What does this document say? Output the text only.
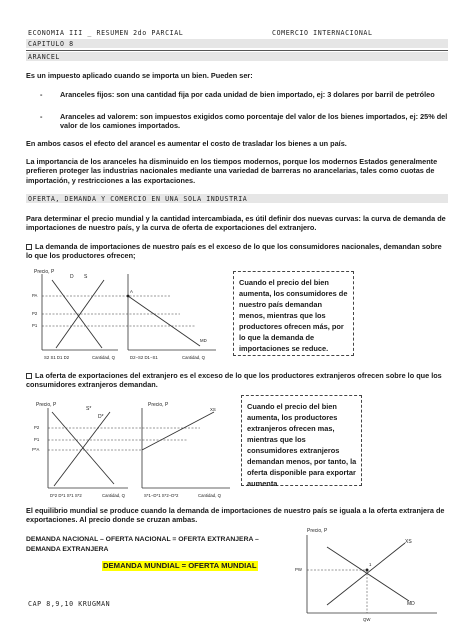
ECONOMIA III _ RESUMEN 2do PARCIAL	COMERCIO INTERNACIONAL
CAPITULO 8
ARANCEL
Es un impuesto aplicado cuando se importa un bien. Pueden ser:
- Aranceles fijos: son una cantidad fija por cada unidad de bien importado, ej: 3 dolares por barril de petróleo
- Aranceles ad valorem: son impuestos exigidos como porcentaje del valor de los bienes importados, ej: 25% del valor de los camiones importados.
En ambos casos el efecto del arancel es aumentar el costo de trasladar los bienes a un país.
La importancia de los aranceles ha disminuido en los tiempos modernos, porque los modernos Estados generalmente prefieren proteger las industrias nacionales mediante una variedad de barreras no arancelarias, tales como cuotas de importación, y restricciones a las exportaciones.
OFERTA, DEMANDA Y COMERCIO EN UNA SOLA INDUSTRIA
Para determinar el precio mundial y la cantidad intercambiada, es útil definir dos nuevas curvas: la curva de demanda de importaciones de nuestro país, y la curva de oferta de exportaciones del extranjero.
La demanda de importaciones de nuestro país es el exceso de lo que los consumidores nacionales, demandan sobre lo que los productores ofrecen;
Precio, P
S
D
PA
P2
P1
S2 S1 D1 D2	Cantidad, Q
A
MD
D2−S2 D1−S1	Cantidad, Q
Cuando el precio del bien aumenta, los consumidores de nuestro país demandan menos, mientras que los productores ofrecen más, por lo que la demanda de importaciones se reduce.
La oferta de exportaciones del extranjero es el exceso de lo que los productores extranjeros ofrecen sobre lo que los consumidores extranjeros demandan.
Precio, P
S*
D*
P2
P1
P*A
D*2 D*1 S*1 S*2	Cantidad, Q
Precio, P
XS
S*1−D*1 S*2−D*2	Cantidad, Q
Cuando el precio del bien aumenta, los productores extranjeros ofrecen mas, mientras que los consumidores extranjeros demandan menos, por tanto, la oferta disponible para exportar aumenta
El equilibrio mundial se produce cuando la demanda de importaciones de nuestro país se iguala a la oferta extranjera de exportaciones. Al precio donde se cruzan ambas.
DEMANDA NACIONAL – OFERTA NACIONAL = OFERTA EXTRANJERA –
DEMANDA EXTRANJERA
DEMANDA MUNDIAL = OFERTA MUNDIAL
CAP 8,9,10 KRUGMAN
Precio, P
XS
MD
1
PW
QW
